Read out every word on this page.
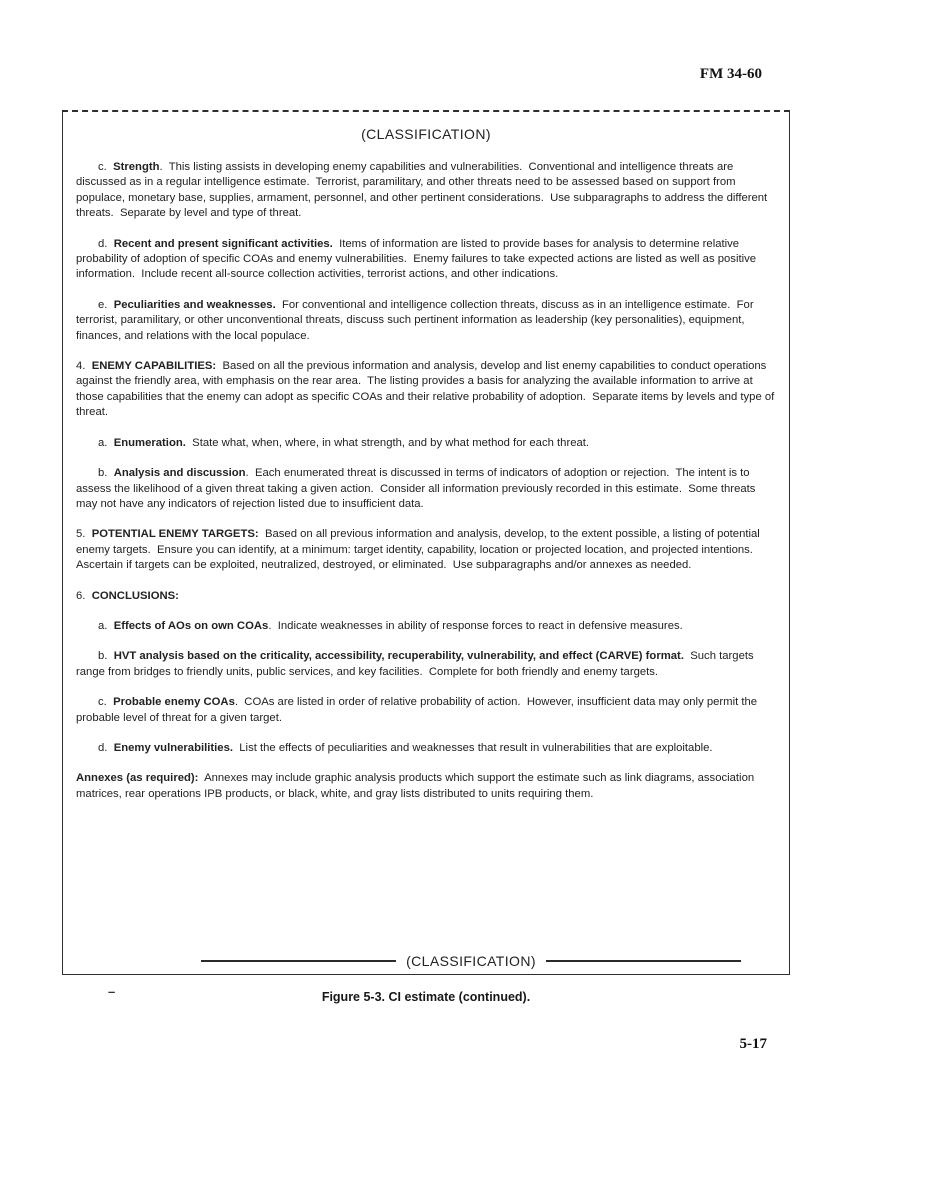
FM 34-60
(CLASSIFICATION)

c.  Strength.  This listing assists in developing enemy capabilities and vulnerabilities.  Conventional and intelligence threats are discussed as in a regular intelligence estimate.  Terrorist, paramilitary, and other threats need to be assessed based on support from populace, monetary base, supplies, armament, personnel, and other pertinent considerations.  Use subparagraphs to address the different threats.  Separate by level and type of threat.

d.  Recent and present significant activities.  Items of information are listed to provide bases for analysis to determine relative probability of adoption of specific COAs and enemy vulnerabilities.  Enemy failures to take expected actions are listed as well as positive information.  Include recent all-source collection activities, terrorist actions, and other indications.

e.  Peculiarities and weaknesses.  For conventional and intelligence collection threats, discuss as in an intelligence estimate.  For terrorist, paramilitary, or other unconventional threats, discuss such pertinent information as leadership (key personalities), equipment, finances, and relations with the local populace.

4.  ENEMY CAPABILITIES:  Based on all the previous information and analysis, develop and list enemy capabilities to conduct operations against the friendly area, with emphasis on the rear area.  The listing provides a basis for analyzing the available information to arrive at those capabilities that the enemy can adopt as specific COAs and their relative probability of adoption.  Separate items by levels and type of threat.

a.  Enumeration.  State what, when, where, in what strength, and by what method for each threat.

b.  Analysis and discussion.  Each enumerated threat is discussed in terms of indicators of adoption or rejection.  The intent is to assess the likelihood of a given threat taking a given action.  Consider all information previously recorded in this estimate.  Some threats may not have any indicators of rejection listed due to insufficient data.

5.  POTENTIAL ENEMY TARGETS:  Based on all previous information and analysis, develop, to the extent possible, a listing of potential enemy targets.  Ensure you can identify, at a minimum: target identity, capability, location or projected location, and projected intentions.  Ascertain if targets can be exploited, neutralized, destroyed, or eliminated.  Use subparagraphs and/or annexes as needed.

6.  CONCLUSIONS:

a.  Effects of AOs on own COAs.  Indicate weaknesses in ability of response forces to react in defensive measures.

b.  HVT analysis based on the criticality, accessibility, recuperability, vulnerability, and effect (CARVE) format.  Such targets range from bridges to friendly units, public services, and key facilities.  Complete for both friendly and enemy targets.

c.  Probable enemy COAs.  COAs are listed in order of relative probability of action.  However, insufficient data may only permit the probable level of threat for a given target.

d.  Enemy vulnerabilities.  List the effects of peculiarities and weaknesses that result in vulnerabilities that are exploitable.

Annexes (as required):  Annexes may include graphic analysis products which support the estimate such as link diagrams, association matrices, rear operations IPB products, or black, white, and gray lists distributed to units requiring them.

(CLASSIFICATION)
–	Figure 5-3. CI estimate (continued).
5-17
